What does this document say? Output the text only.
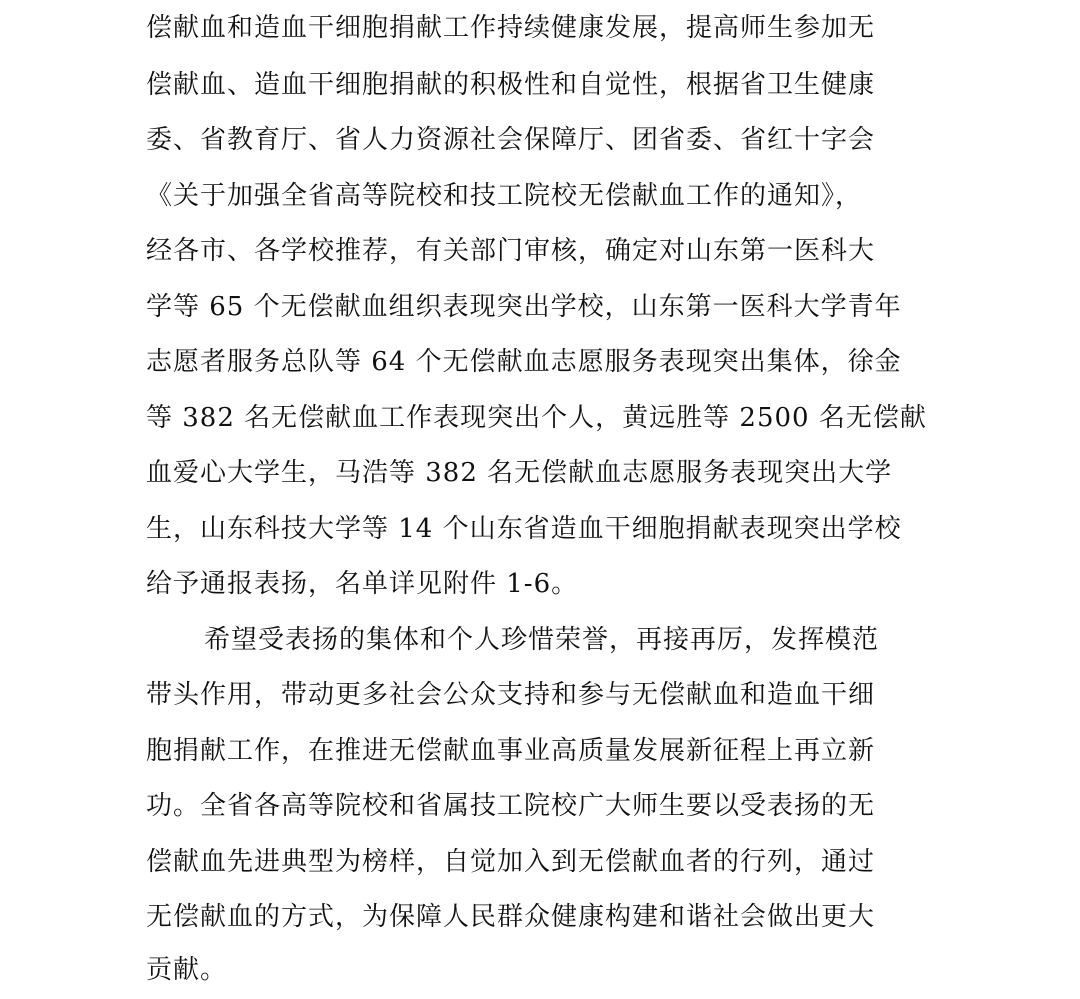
偿献血和造血干细胞捐献工作持续健康发展，提高师生参加无
偿献血、造血干细胞捐献的积极性和自觉性，根据省卫生健康
委、省教育厅、省人力资源社会保障厅、团省委、省红十字会
《关于加强全省高等院校和技工院校无偿献血工作的通知》，
经各市、各学校推荐，有关部门审核，确定对山东第一医科大
学等 65 个无偿献血组织表现突出学校，山东第一医科大学青年
志愿者服务总队等 64 个无偿献血志愿服务表现突出集体，徐金
等 382 名无偿献血工作表现突出个人，黄远胜等 2500 名无偿献
血爱心大学生，马浩等 382 名无偿献血志愿服务表现突出大学
生，山东科技大学等 14 个山东省造血干细胞捐献表现突出学校
给予通报表扬，名单详见附件 1-6。
希望受表扬的集体和个人珍惜荣誉，再接再厉，发挥模范
带头作用，带动更多社会公众支持和参与无偿献血和造血干细
胞捐献工作，在推进无偿献血事业高质量发展新征程上再立新
功。全省各高等院校和省属技工院校广大师生要以受表扬的无
偿献血先进典型为榜样，自觉加入到无偿献血者的行列，通过
无偿献血的方式，为保障人民群众健康构建和谐社会做出更大
贡献。
